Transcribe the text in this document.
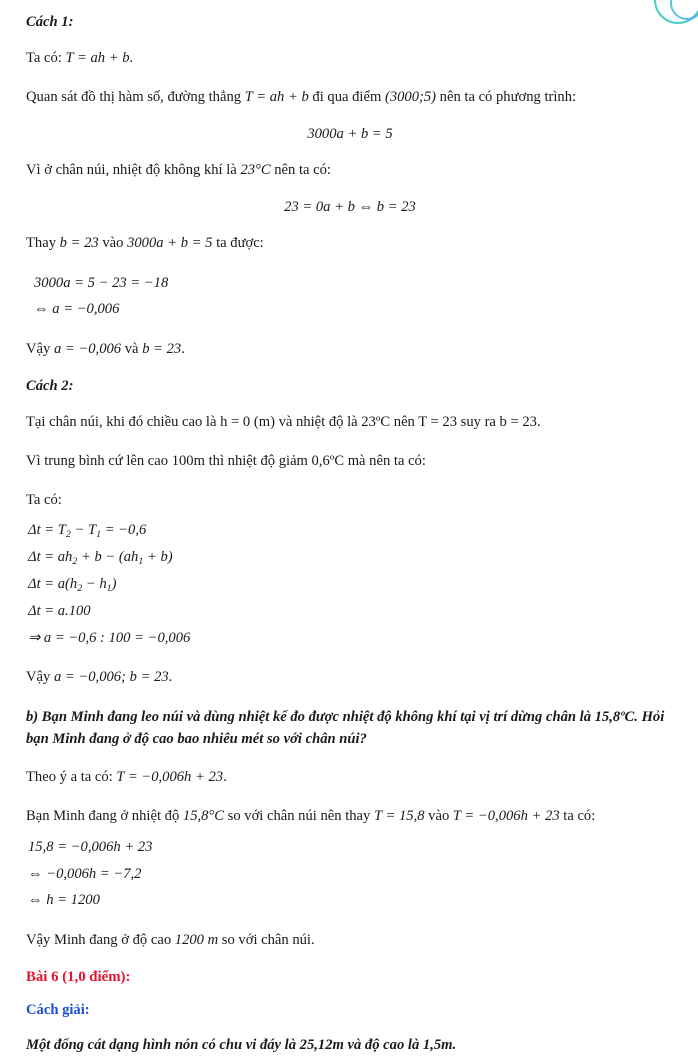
Cách 1:
Ta có: T = ah + b.
Quan sát đồ thị hàm số, đường thẳng T = ah + b đi qua điểm (3000;5) nên ta có phương trình:
3000a + b = 5
Vì ở chân núi, nhiệt độ không khí là 23°C nên ta có:
23 = 0a + b ⇔ b = 23
Thay b = 23 vào 3000a + b = 5 ta được:
3000a = 5 − 23 = −18
⇔ a = −0,006
Vậy a = −0,006 và b = 23.
Cách 2:
Tại chân núi, khi đó chiều cao là h = 0 (m) và nhiệt độ là 23ºC nên T = 23 suy ra b = 23.
Vì trung bình cứ lên cao 100m thì nhiệt độ giảm 0,6ºC mà nên ta có:
Ta có:
$\Delta t = T_2 - T_1 = -0,6$
$\Delta t = ah_2 + b - (ah_1 + b)$
$\Delta t = a(h_2 - h_1)$
Δt = a.100
⇒ a = −0,6 : 100 = −0,006
Vậy a = −0,006; b = 23.
b) Bạn Minh đang leo núi và dùng nhiệt kế đo được nhiệt độ không khí tại vị trí dừng chân là 15,8ºC. Hỏi bạn Minh đang ở độ cao bao nhiêu mét so với chân núi?
Theo ý a ta có: T = −0,006h + 23.
Bạn Minh đang ở nhiệt độ 15,8°C so với chân núi nên thay T = 15,8 vào T = −0,006h + 23 ta có:
15,8 = −0,006h + 23
⇔ −0,006h = −7,2
⇔ h = 1200
Vậy Minh đang ở độ cao 1200 m so với chân núi.
Bài 6 (1,0 điểm):
Cách giải:
Một đống cát dạng hình nón có chu vi đáy là 25,12m và độ cao là 1,5m.
